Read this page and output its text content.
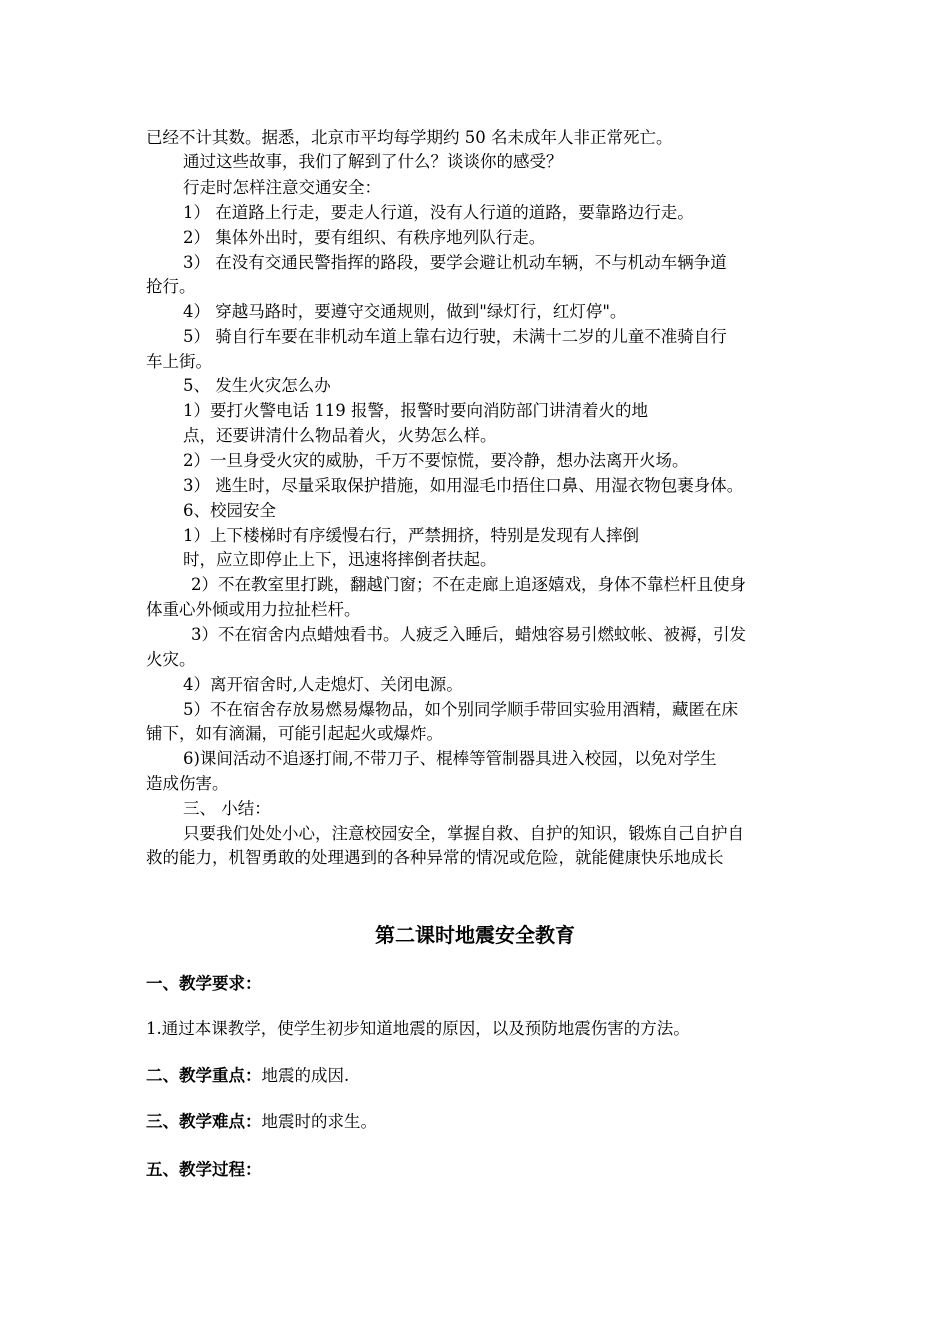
已经不计其数。据悉，北京市平均每学期约 50 名未成年人非正常死亡。

通过这些故事，我们了解到了什么？谈谈你的感受？

行走时怎样注意交通安全：

1） 在道路上行走，要走人行道，没有人行道的道路，要靠路边行走。

2） 集体外出时，要有组织、有秩序地列队行走。

3） 在没有交通民警指挥的路段，要学会避让机动车辆，不与机动车辆争道

抢行。

4） 穿越马路时，要遵守交通规则，做到"绿灯行，红灯停"。

5） 骑自行车要在非机动车道上靠右边行驶，未满十二岁的儿童不准骑自行

车上街。

5、 发生火灾怎么办

1）要打火警电话 119 报警，报警时要向消防部门讲清着火的地

点，还要讲清什么物品着火，火势怎么样。

2）一旦身受火灾的威胁，千万不要惊慌，要冷静，想办法离开火场。

3） 逃生时，尽量采取保护措施，如用湿毛巾捂住口鼻、用湿衣物包裹身体。

6、校园安全

1）上下楼梯时有序缓慢右行，严禁拥挤，特别是发现有人摔倒

时，应立即停止上下，迅速将摔倒者扶起。

2）不在教室里打跳，翻越门窗；不在走廊上追逐嬉戏，身体不靠栏杆且使身

体重心外倾或用力拉扯栏杆。

3）不在宿舍内点蜡烛看书。人疲乏入睡后，蜡烛容易引燃蚊帐、被褥，引发

火灾。

4）离开宿舍时,人走熄灯、关闭电源。

5）不在宿舍存放易燃易爆物品，如个别同学顺手带回实验用酒精，藏匿在床

铺下，如有滴漏，可能引起起火或爆炸。

6)课间活动不追逐打闹,不带刀子、棍棒等管制器具进入校园，以免对学生

造成伤害。

三、 小结：

只要我们处处小心，注意校园安全，掌握自救、自护的知识，锻炼自己自护自

救的能力，机智勇敢的处理遇到的各种异常的情况或危险，就能健康快乐地成长

第二课时地震安全教育

一、教学要求：

1.通过本课教学，使学生初步知道地震的原因，以及预防地震伤害的方法。

二、教学重点：地震的成因.

三、教学难点：地震时的求生。

五、教学过程：
